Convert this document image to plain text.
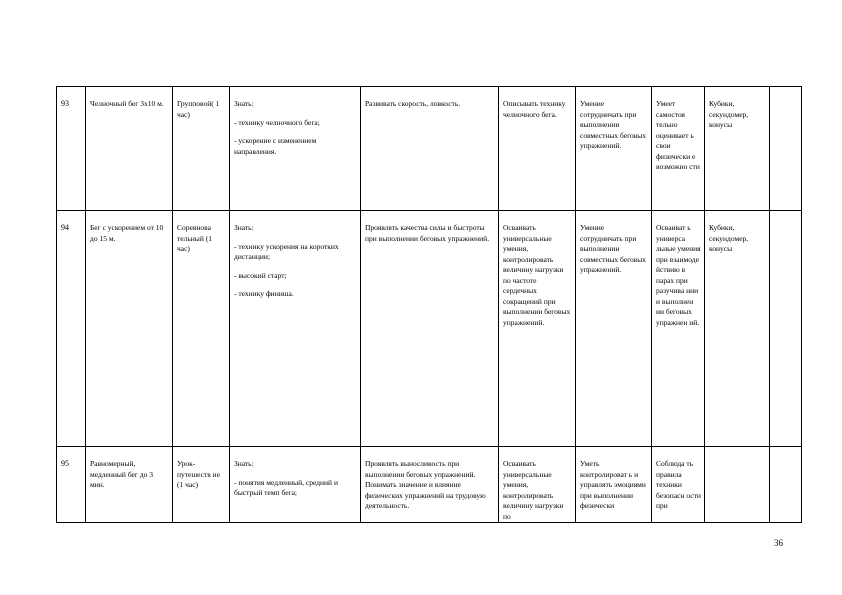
93	Челночный бег 3х10 м.	Групповой( 1 час)	Знать:

- технику челночного бега;

- ускорение с изменением направления.	Развивать скорость, ловкость.	Описывать технику челночного бега.	Умение сотрудничать при выполнении совместных беговых упражнений.	Умеет самостоя тельно оценивает ь свои физически е возможно сти	Кубики, секундомер, конусы	
94	Бег с ускорением от 10 до 15 м.	Соревнова тельный (1 час)	Знать:

- технику ускорения на коротких дистанции;

- высокий старт;

- технику финиша.	Проявлять качества силы и быстроты при выполнении беговых упражнений.	Осваивать универсальные умения, контролировать величину нагрузки по частоте сердечных сокращений при выполнении беговых упражнений.	Умение сотрудничать при выполнении совместных беговых упражнений.	Осваиват ь универса льные умения при взаимоде йствию в парах при разучива нии и выполнен ии беговых упражнен ий.	Кубики, секундомер, конусы	
95	Равномерный, медленный бег до 3 мин.	Урок-путешеств ие (1 час)	Знать:

- понятия медленный, средний и быстрый темп бега;	Проявлять выносливость при выполнении беговых упражнений. Понимать значение и влияние физических упражнений на трудовую деятельность.	Осваивать универсальные умения, контролировать величину нагрузки по	Уметь контролироват ь и управлять эмоциями при выполнении физически	Соблюда ть правила техники безопасн ости при		
36
